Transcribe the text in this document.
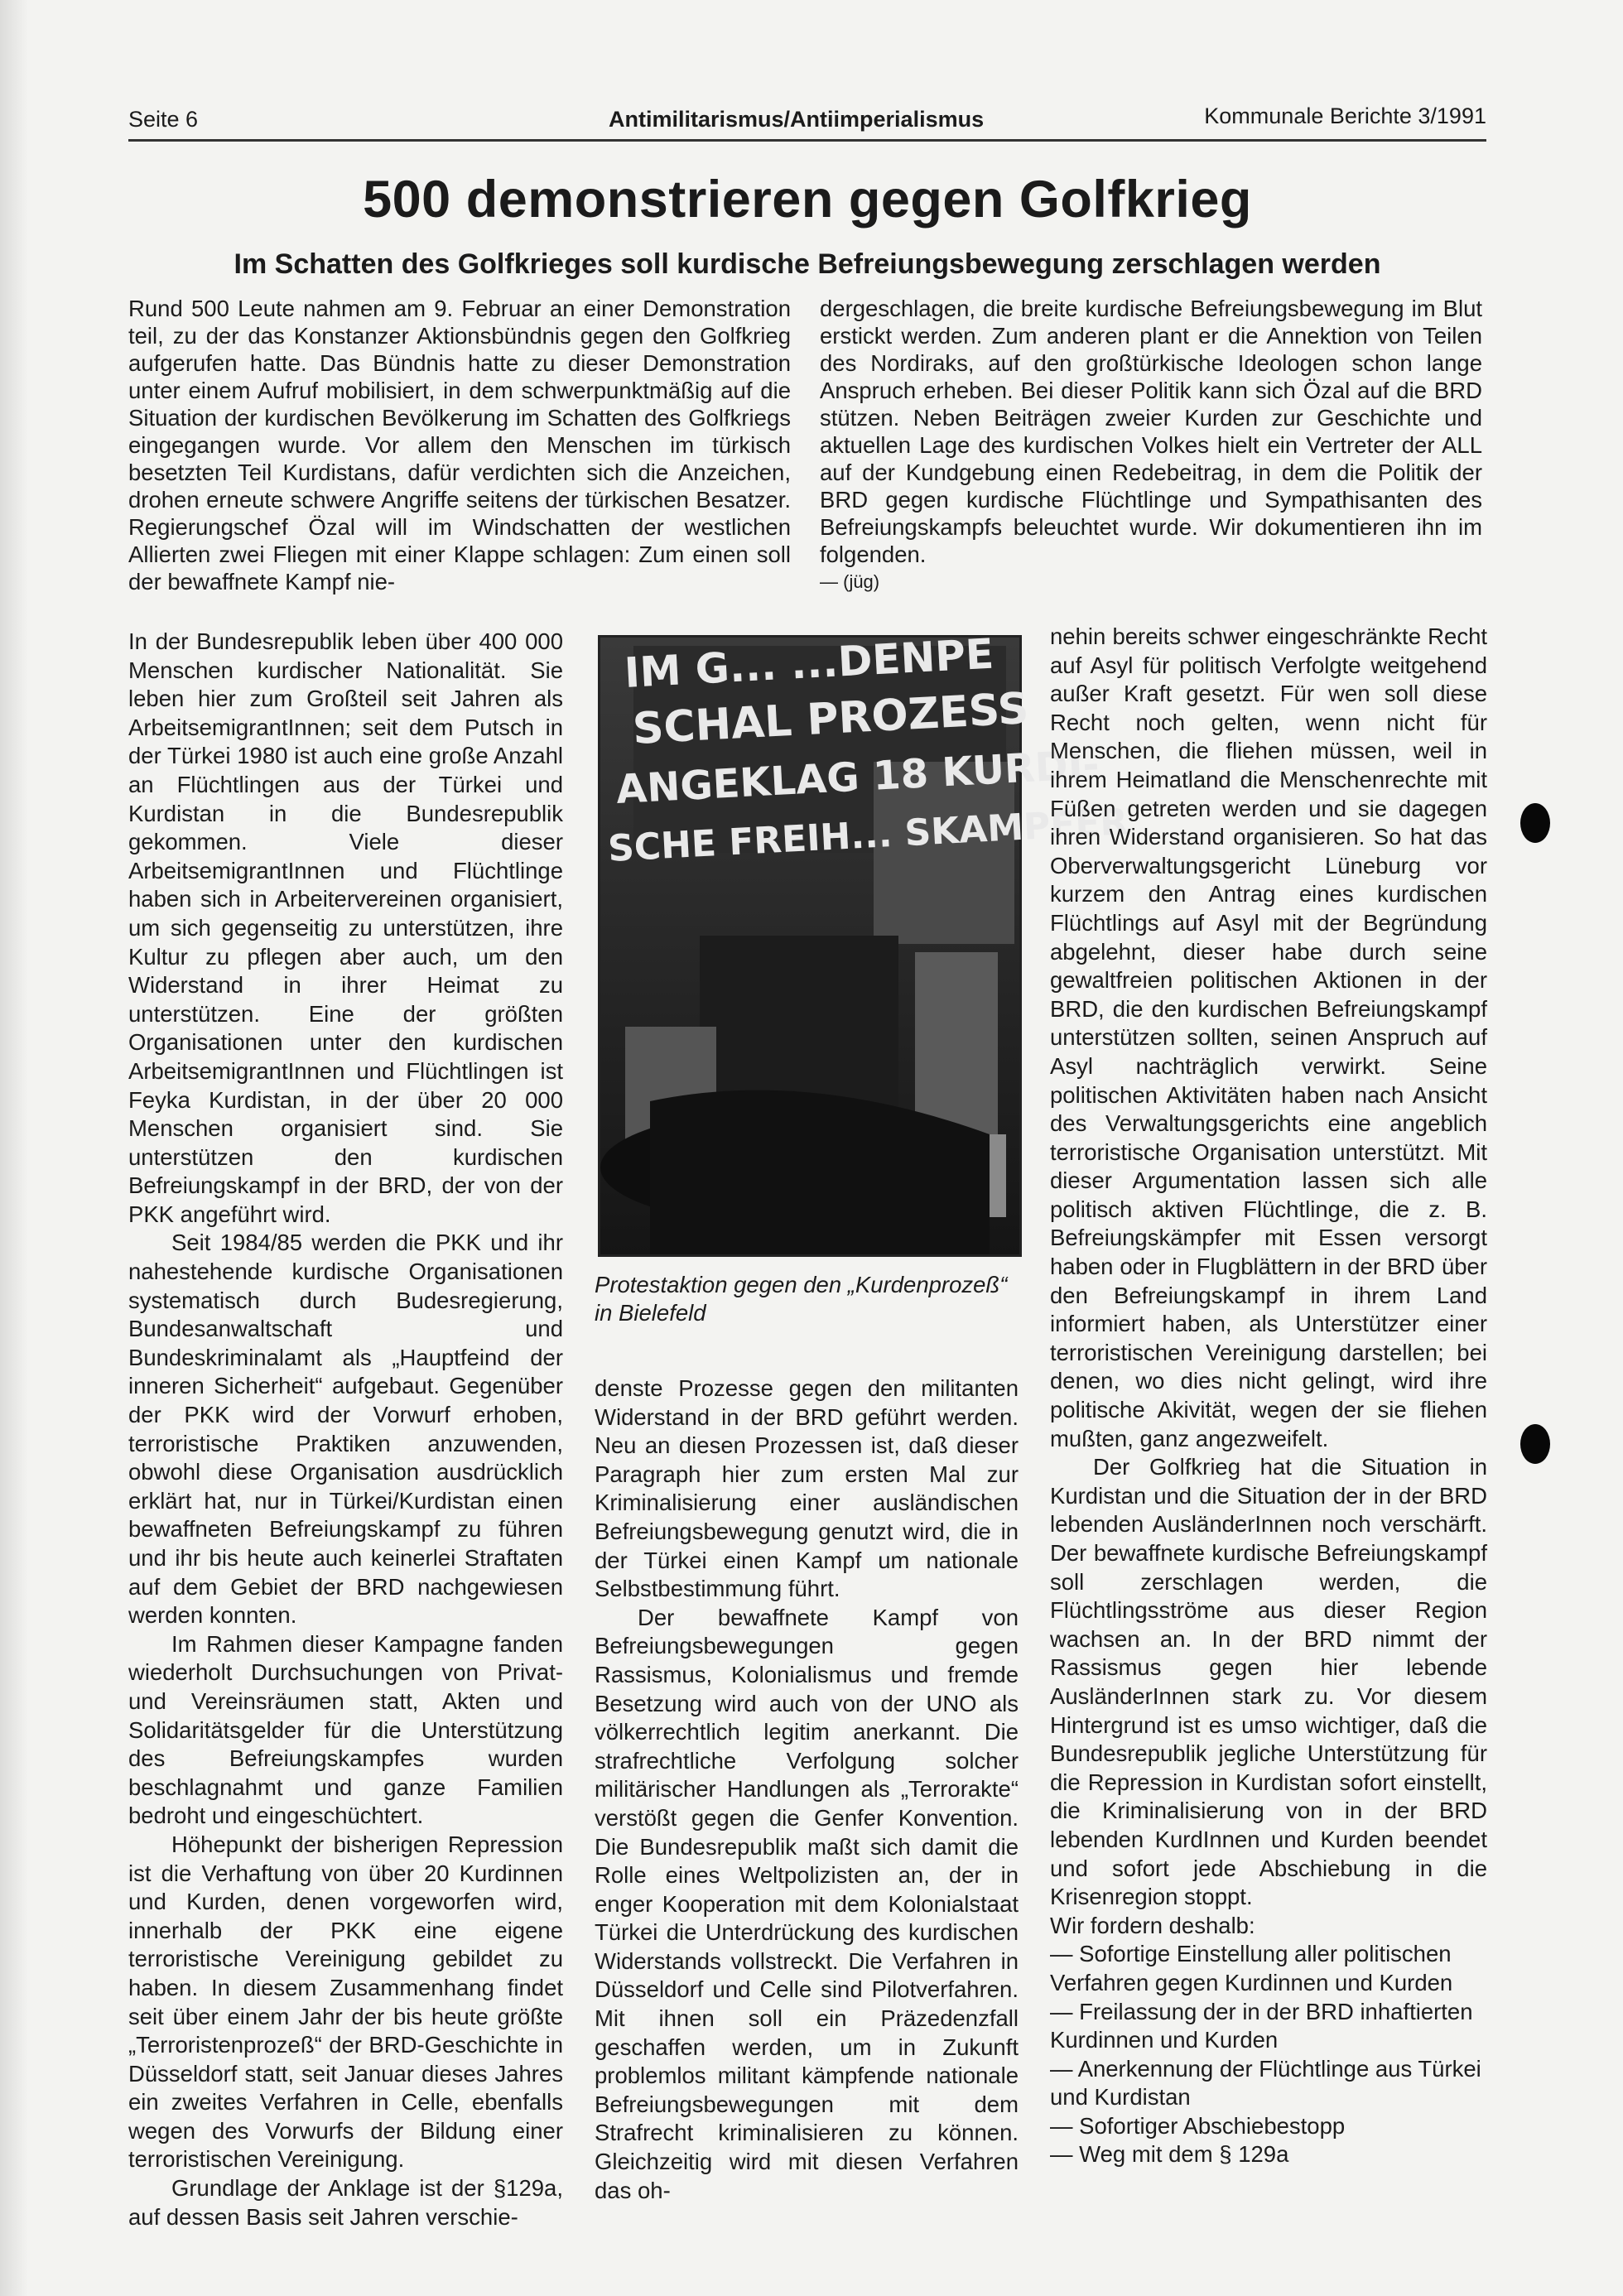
Seite 6	Antimilitarismus/Antiimperialismus	Kommunale Berichte 3/1991
500 demonstrieren gegen Golfkrieg
Im Schatten des Golfkrieges soll kurdische Befreiungsbewegung zerschlagen werden

Rund 500 Leute nahmen am 9. Februar an einer Demonstration teil, zu der das Konstanzer Aktionsbündnis gegen den Golfkrieg aufgerufen hatte. Das Bündnis hatte zu dieser Demonstration unter einem Aufruf mobilisiert, in dem schwerpunktmäßig auf die Situation der kurdischen Bevölkerung im Schatten des Golfkriegs eingegangen wurde. Vor allem den Menschen im türkisch besetzten Teil Kurdistans, dafür verdichten sich die Anzeichen, drohen erneute schwere Angriffe seitens der türkischen Besatzer. Regierungschef Özal will im Windschatten der westlichen Allierten zwei Fliegen mit einer Klappe schlagen: Zum einen soll der bewaffnete Kampf nie-

dergeschlagen, die breite kurdische Befreiungsbewegung im Blut erstickt werden. Zum anderen plant er die Annektion von Teilen des Nordiraks, auf den großtürkische Ideologen schon lange Anspruch erheben. Bei dieser Politik kann sich Özal auf die BRD stützen. Neben Beiträgen zweier Kurden zur Geschichte und aktuellen Lage des kurdischen Volkes hielt ein Vertreter der ALL auf der Kundgebung einen Redebeitrag, in dem die Politik der BRD gegen kurdische Flüchtlinge und Sympathisanten des Befreiungskampfs beleuchtet wurde. Wir dokumentieren ihn im folgenden.

— (jüg)

In der Bundesrepublik leben über 400 000 Menschen kurdischer Nationalität. Sie leben hier zum Großteil seit Jahren als ArbeitsemigrantInnen; seit dem Putsch in der Türkei 1980 ist auch eine große Anzahl an Flüchtlingen aus der Türkei und Kurdistan in die Bundesrepublik gekommen. Viele dieser ArbeitsemigrantInnen und Flüchtlinge haben sich in Arbeitervereinen organisiert, um sich gegenseitig zu unterstützen, ihre Kultur zu pflegen aber auch, um den Widerstand in ihrer Heimat zu unterstützen. Eine der größten Organisationen unter den kurdischen ArbeitsemigrantInnen und Flüchtlingen ist Feyka Kurdistan, in der über 20 000 Menschen organisiert sind. Sie unterstützen den kurdischen Befreiungskampf in der BRD, der von der PKK angeführt wird.

Seit 1984/85 werden die PKK und ihr nahestehende kurdische Organisationen systematisch durch Budesregierung, Bundesanwaltschaft und Bundeskriminalamt als „Hauptfeind der inneren Sicherheit“ aufgebaut. Gegenüber der PKK wird der Vorwurf erhoben, terroristische Praktiken anzuwenden, obwohl diese Organisation ausdrücklich erklärt hat, nur in Türkei/Kurdistan einen bewaffneten Befreiungskampf zu führen und ihr bis heute auch keinerlei Straftaten auf dem Gebiet der BRD nachgewiesen werden konnten.

Im Rahmen dieser Kampagne fanden wiederholt Durchsuchungen von Privat- und Vereinsräumen statt, Akten und Solidaritätsgelder für die Unterstützung des Befreiungskampfes wurden beschlagnahmt und ganze Familien bedroht und eingeschüchtert.

Höhepunkt der bisherigen Repression ist die Verhaftung von über 20 Kurdinnen und Kurden, denen vorgeworfen wird, innerhalb der PKK eine eigene terroristische Vereinigung gebildet zu haben. In diesem Zusammenhang findet seit über einem Jahr der bis heute größte „Terroristenprozeß“ der BRD-Geschichte in Düsseldorf statt, seit Januar dieses Jahres ein zweites Verfahren in Celle, ebenfalls wegen des Vorwurfs der Bildung einer terroristischen Vereinigung.

Grundlage der Anklage ist der §129a, auf dessen Basis seit Jahren verschie-

IM G... ...DENPE
SCHAL PROZESS
ANGEKLAG 18 KURDI-
SCHE FREIH... SKAMPFER
Protestaktion gegen den „Kurdenprozeß“ in Bielefeld

denste Prozesse gegen den militanten Widerstand in der BRD geführt werden. Neu an diesen Prozessen ist, daß dieser Paragraph hier zum ersten Mal zur Kriminalisierung einer ausländischen Befreiungsbewegung genutzt wird, die in der Türkei einen Kampf um nationale Selbstbestimmung führt.

Der bewaffnete Kampf von Befreiungsbewegungen gegen Rassismus, Kolonialismus und fremde Besetzung wird auch von der UNO als völkerrechtlich legitim anerkannt. Die strafrechtliche Verfolgung solcher militärischer Handlungen als „Terrorakte“ verstößt gegen die Genfer Konvention. Die Bundesrepublik maßt sich damit die Rolle eines Weltpolizisten an, der in enger Kooperation mit dem Kolonialstaat Türkei die Unterdrückung des kurdischen Widerstands vollstreckt. Die Verfahren in Düsseldorf und Celle sind Pilotverfahren. Mit ihnen soll ein Präzedenzfall geschaffen werden, um in Zukunft problemlos militant kämpfende nationale Befreiungsbewegungen mit dem Strafrecht kriminalisieren zu können. Gleichzeitig wird mit diesen Verfahren das oh-

nehin bereits schwer eingeschränkte Recht auf Asyl für politisch Verfolgte weitgehend außer Kraft gesetzt. Für wen soll diese Recht noch gelten, wenn nicht für Menschen, die fliehen müssen, weil in ihrem Heimatland die Menschenrechte mit Füßen getreten werden und sie dagegen ihren Widerstand organisieren. So hat das Oberverwaltungsgericht Lüneburg vor kurzem den Antrag eines kurdischen Flüchtlings auf Asyl mit der Begründung abgelehnt, dieser habe durch seine gewaltfreien politischen Aktionen in der BRD, die den kurdischen Befreiungskampf unterstützen sollten, seinen Anspruch auf Asyl nachträglich verwirkt. Seine politischen Aktivitäten haben nach Ansicht des Verwaltungsgerichts eine angeblich terroristische Organisation unterstützt. Mit dieser Argumentation lassen sich alle politisch aktiven Flüchtlinge, die z. B. Befreiungskämpfer mit Essen versorgt haben oder in Flugblättern in der BRD über den Befreiungskampf in ihrem Land informiert haben, als Unterstützer einer terroristischen Vereinigung darstellen; bei denen, wo dies nicht gelingt, wird ihre politische Akivität, wegen der sie fliehen mußten, ganz angezweifelt.

Der Golfkrieg hat die Situation in Kurdistan und die Situation der in der BRD lebenden AusländerInnen noch verschärft. Der bewaffnete kurdische Befreiungskampf soll zerschlagen werden, die Flüchtlingsströme aus dieser Region wachsen an. In der BRD nimmt der Rassismus gegen hier lebende AusländerInnen stark zu. Vor diesem Hintergrund ist es umso wichtiger, daß die Bundesrepublik jegliche Unterstützung für die Repression in Kurdistan sofort einstellt, die Kriminalisierung von in der BRD lebenden KurdInnen und Kurden beendet und sofort jede Abschiebung in die Krisenregion stoppt.

Wir fordern deshalb:

— Sofortige Einstellung aller politischen Verfahren gegen Kurdinnen und Kurden
— Freilassung der in der BRD inhaftierten Kurdinnen und Kurden
— Anerkennung der Flüchtlinge aus Türkei und Kurdistan
— Sofortiger Abschiebestopp
— Weg mit dem § 129a
